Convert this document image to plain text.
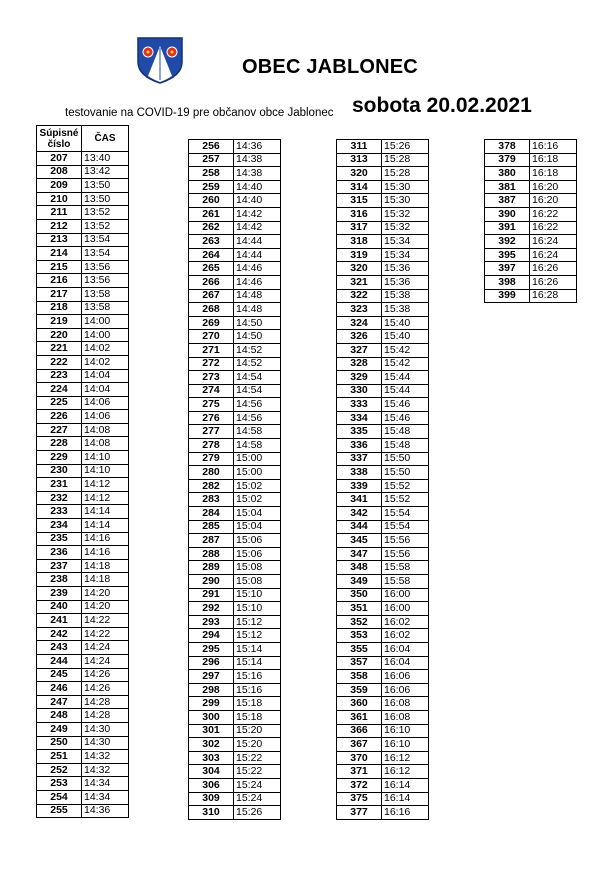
OBEC JABLONEC
testovanie na COVID-19 pre občanov obce Jablonec sobota 20.02.2021
Súpisné
číslo	ČAS
207	13:40
208	13:42
209	13:50
210	13:50
211	13:52
212	13:52
213	13:54
214	13:54
215	13:56
216	13:56
217	13:58
218	13:58
219	14:00
220	14:00
221	14:02
222	14:02
223	14:04
224	14:04
225	14:06
226	14:06
227	14:08
228	14:08
229	14:10
230	14:10
231	14:12
232	14:12
233	14:14
234	14:14
235	14:16
236	14:16
237	14:18
238	14:18
239	14:20
240	14:20
241	14:22
242	14:22
243	14:24
244	14:24
245	14:26
246	14:26
247	14:28
248	14:28
249	14:30
250	14:30
251	14:32
252	14:32
253	14:34
254	14:34
255	14:36
256	14:36
257	14:38
258	14:38
259	14:40
260	14:40
261	14:42
262	14:42
263	14:44
264	14:44
265	14:46
266	14:46
267	14:48
268	14:48
269	14:50
270	14:50
271	14:52
272	14:52
273	14:54
274	14:54
275	14:56
276	14:56
277	14:58
278	14:58
279	15:00
280	15:00
282	15:02
283	15:02
284	15:04
285	15:04
287	15:06
288	15:06
289	15:08
290	15:08
291	15:10
292	15:10
293	15:12
294	15:12
295	15:14
296	15:14
297	15:16
298	15:16
299	15:18
300	15:18
301	15:20
302	15:20
303	15:22
304	15:22
306	15:24
309	15:24
310	15:26
311	15:26
313	15:28
320	15:28
314	15:30
315	15:30
316	15:32
317	15:32
318	15:34
319	15:34
320	15:36
321	15:36
322	15:38
323	15:38
324	15:40
326	15:40
327	15:42
328	15:42
329	15:44
330	15:44
333	15:46
334	15:46
335	15:48
336	15:48
337	15:50
338	15:50
339	15:52
341	15:52
342	15:54
344	15:54
345	15:56
347	15:56
348	15:58
349	15:58
350	16:00
351	16:00
352	16:02
353	16:02
355	16:04
357	16:04
358	16:06
359	16:06
360	16:08
361	16:08
366	16:10
367	16:10
370	16:12
371	16:12
372	16:14
375	16:14
377	16:16
378	16:16
379	16:18
380	16:18
381	16:20
387	16:20
390	16:22
391	16:22
392	16:24
395	16:24
397	16:26
398	16:26
399	16:28
